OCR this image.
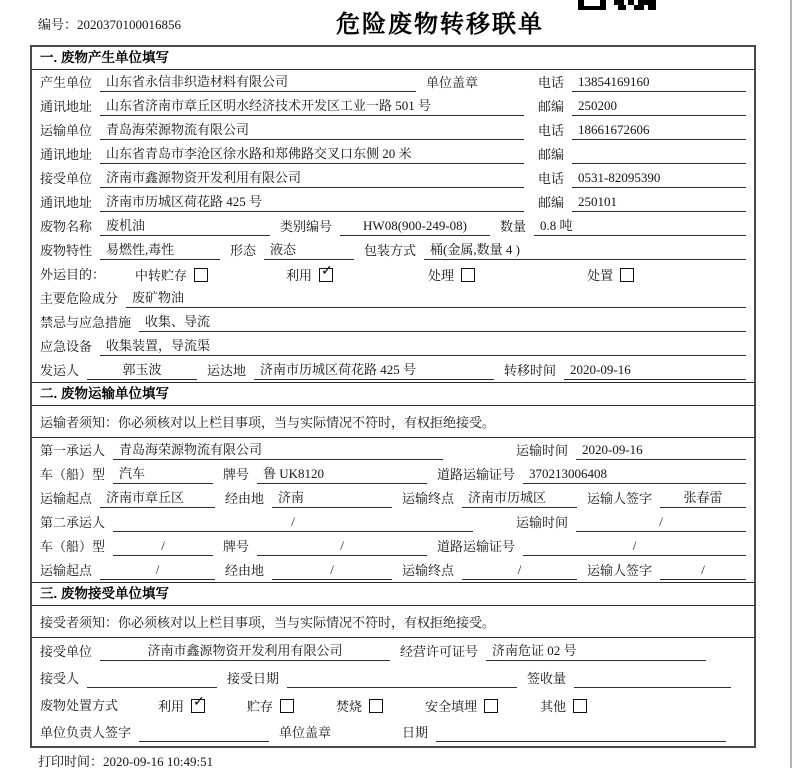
编号：2020370100016856	危险废物转移联单
一. 废物产生单位填写
产生单位	山东省永信非织造材料有限公司	单位盖章	电话	13854169160
通讯地址	山东省济南市章丘区明水经济技术开发区工业一路 501 号	邮编	250200
运输单位	青岛海荣源物流有限公司	电话	18661672606
通讯地址	山东省青岛市李沧区徐水路和郑佛路交叉口东侧 20 米	邮编
接受单位	济南市鑫源物资开发利用有限公司	电话	0531-82095390
通讯地址	济南市历城区荷花路 425 号	邮编	250101
废物名称	废机油	类别编号	HW08(900-249-08)	数量	0.8 吨
废物特性	易燃性,毒性	形态	液态	包装方式	桶(金属,数量 4 )
外运目的： 中转贮存	利用 ✓	处理	处置
主要危险成分	废矿物油
禁忌与应急措施	收集、导流
应急设备	收集装置，导流渠
发运人	郭玉波	运达地	济南市历城区荷花路 425 号	转移时间	2020-09-16
二. 废物运输单位填写
运输者须知：你必须核对以上栏目事项，当与实际情况不符时，有权拒绝接受。
第一承运人	青岛海荣源物流有限公司	运输时间	2020-09-16
车（船）型	汽车	牌号	鲁 UK8120	道路运输证号	370213006408
运输起点	济南市章丘区	经由地	济南	运输终点	济南市历城区	运输人签字	张春雷
第二承运人	/	运输时间	/
车（船）型	/	牌号	/	道路运输证号	/
运输起点	/	经由地	/	运输终点	/	运输人签字	/
三. 废物接受单位填写
接受者须知：你必须核对以上栏目事项，当与实际情况不符时，有权拒绝接受。
接受单位	济南市鑫源物资开发利用有限公司	经营许可证号	济南危证 02 号
接受人	接受日期	签收量
废物处置方式	利用 ✓	贮存	焚烧	安全填埋	其他
单位负责人签字	单位盖章	日期
打印时间：2020-09-16 10:49:51
